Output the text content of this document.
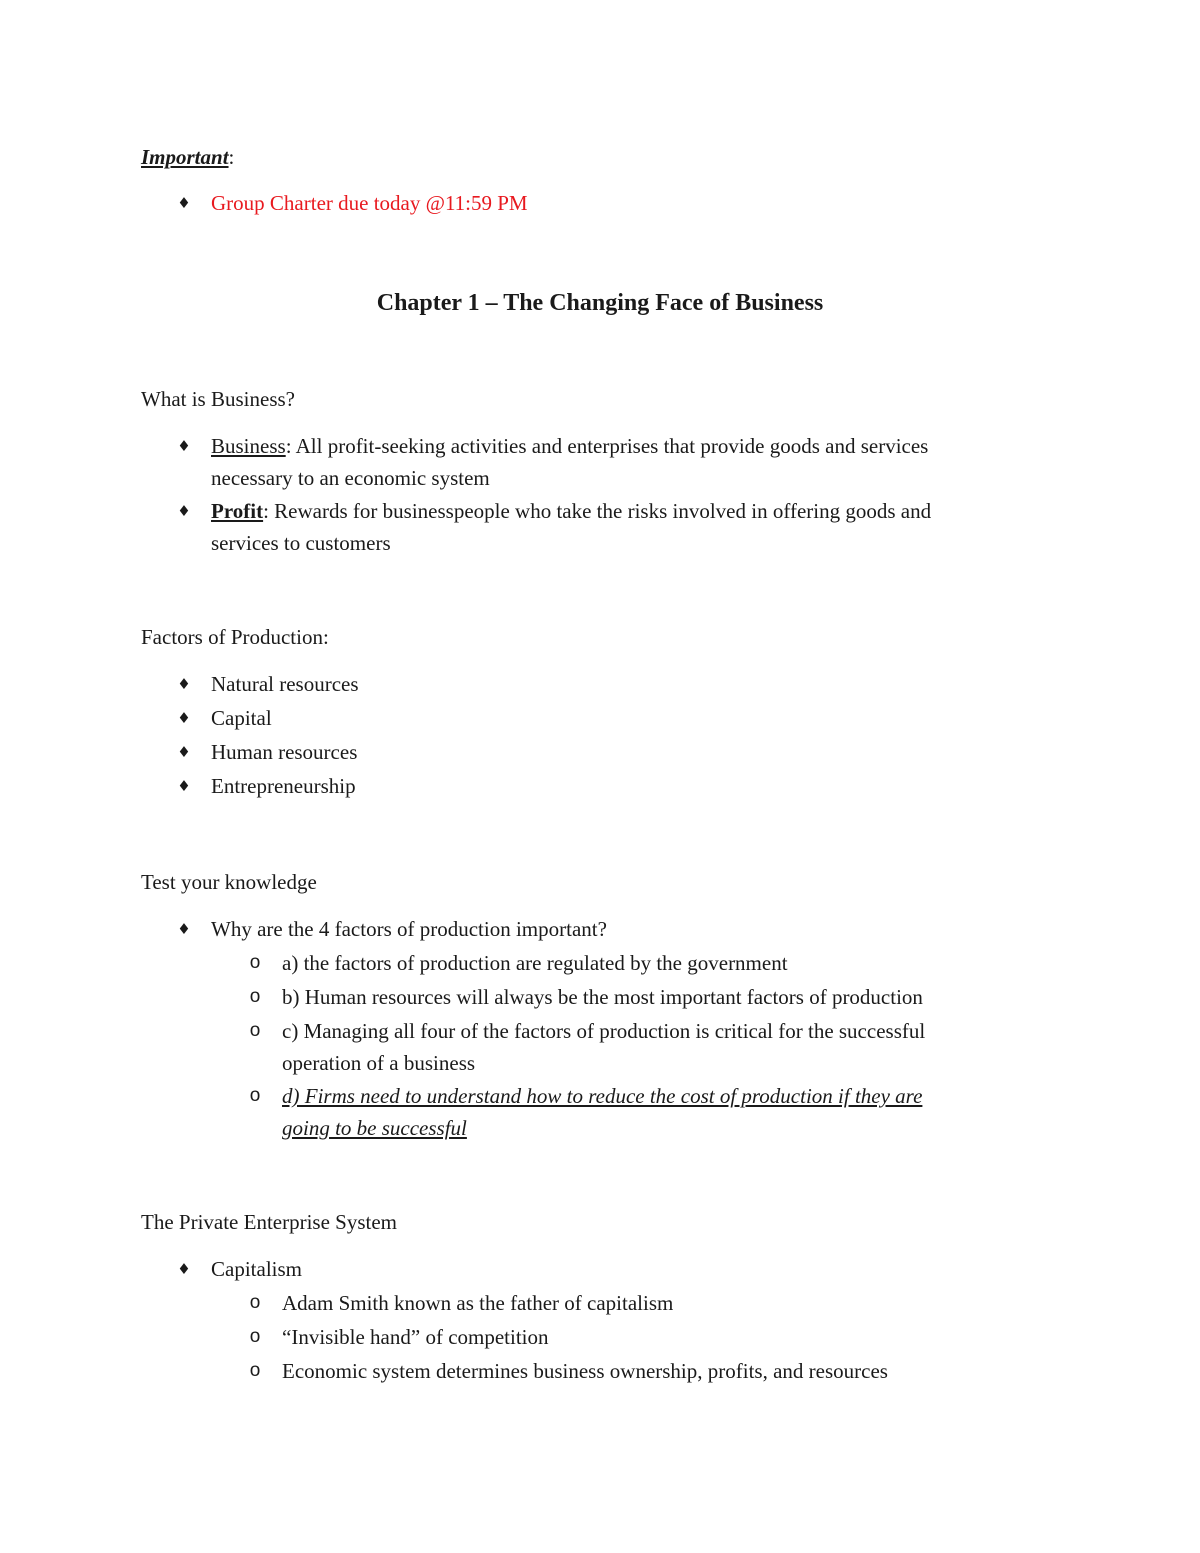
Important:
♦ Group Charter due today @11:59 PM
Chapter 1 – The Changing Face of Business
What is Business?
♦ Business: All profit-seeking activities and enterprises that provide goods and services
necessary to an economic system
♦ Profit: Rewards for businesspeople who take the risks involved in offering goods and
services to customers
Factors of Production:
♦ Natural resources
♦ Capital
♦ Human resources
♦ Entrepreneurship
Test your knowledge
♦ Why are the 4 factors of production important?
o a) the factors of production are regulated by the government
o b) Human resources will always be the most important factors of production
o c) Managing all four of the factors of production is critical for the successful
operation of a business
o d) Firms need to understand how to reduce the cost of production if they are
going to be successful
The Private Enterprise System
♦ Capitalism
o Adam Smith known as the father of capitalism
o “Invisible hand” of competition
o Economic system determines business ownership, profits, and resources
